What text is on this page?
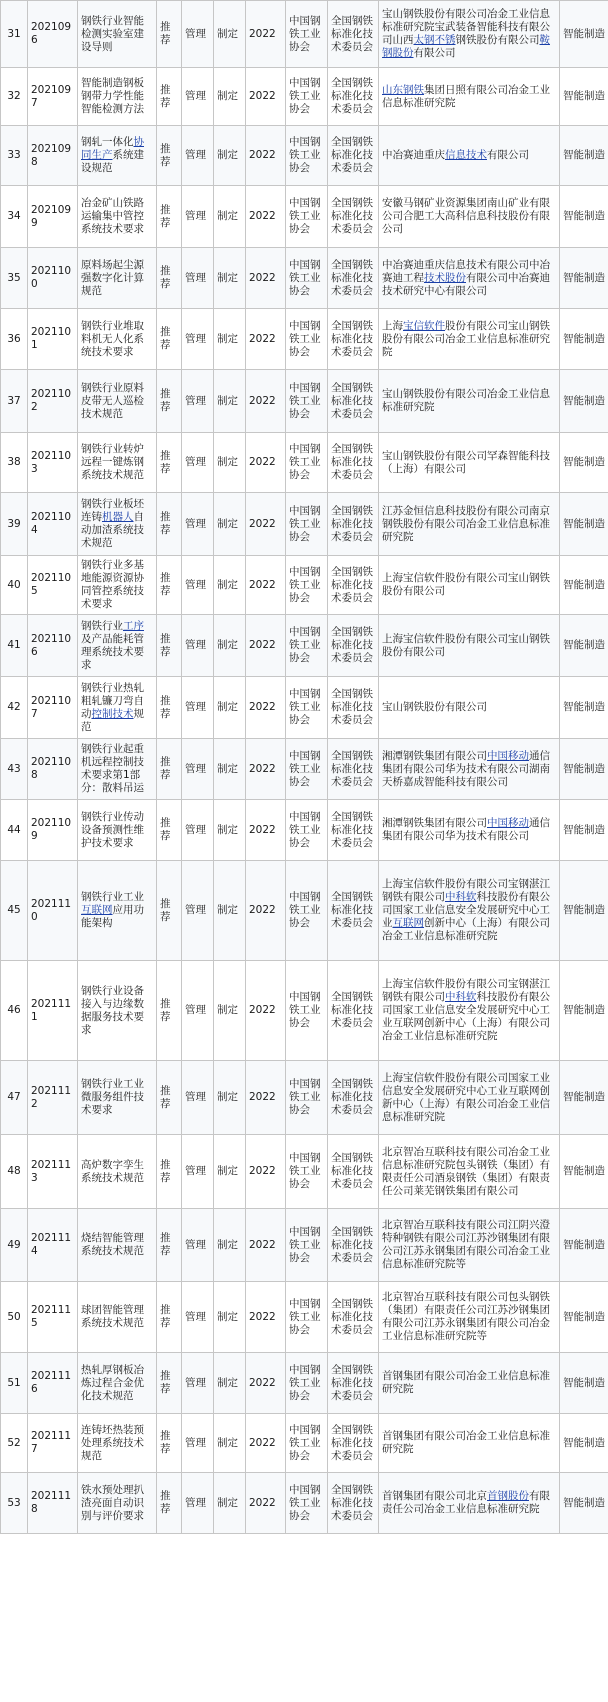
31	2021096	钢铁行业智能检测实验室建设导则	推荐	管理	制定	2022	中国钢铁工业协会	全国钢铁标准化技术委员会	宝山钢铁股份有限公司冶金工业信息标准研究院宝武装备智能科技有限公司山西太钢不锈钢铁股份有限公司鞍钢股份有限公司	智能制造
32	2021097	智能制造钢板钢带力学性能智能检测方法	推荐	管理	制定	2022	中国钢铁工业协会	全国钢铁标准化技术委员会	山东钢铁集团日照有限公司冶金工业信息标准研究院	智能制造
33	2021098	钢轧一体化协同生产系统建设规范	推荐	管理	制定	2022	中国钢铁工业协会	全国钢铁标准化技术委员会	中冶赛迪重庆信息技术有限公司	智能制造
34	2021099	冶金矿山铁路运输集中管控系统技术要求	推荐	管理	制定	2022	中国钢铁工业协会	全国钢铁标准化技术委员会	安徽马钢矿业资源集团南山矿业有限公司合肥工大高科信息科技股份有限公司	智能制造
35	2021100	原料场起尘源强数字化计算规范	推荐	管理	制定	2022	中国钢铁工业协会	全国钢铁标准化技术委员会	中冶赛迪重庆信息技术有限公司中冶赛迪工程技术股份有限公司中冶赛迪技术研究中心有限公司	智能制造
36	2021101	钢铁行业堆取料机无人化系统技术要求	推荐	管理	制定	2022	中国钢铁工业协会	全国钢铁标准化技术委员会	上海宝信软件股份有限公司宝山钢铁股份有限公司冶金工业信息标准研究院	智能制造
37	2021102	钢铁行业原料皮带无人巡检技术规范	推荐	管理	制定	2022	中国钢铁工业协会	全国钢铁标准化技术委员会	宝山钢铁股份有限公司冶金工业信息标准研究院	智能制造
38	2021103	钢铁行业转炉远程一键炼钢系统技术规范	推荐	管理	制定	2022	中国钢铁工业协会	全国钢铁标准化技术委员会	宝山钢铁股份有限公司罕森智能科技（上海）有限公司	智能制造
39	2021104	钢铁行业板坯连铸机器人自动加渣系统技术规范	推荐	管理	制定	2022	中国钢铁工业协会	全国钢铁标准化技术委员会	江苏金恒信息科技股份有限公司南京钢铁股份有限公司冶金工业信息标准研究院	智能制造
40	2021105	钢铁行业多基地能源资源协同管控系统技术要求	推荐	管理	制定	2022	中国钢铁工业协会	全国钢铁标准化技术委员会	上海宝信软件股份有限公司宝山钢铁股份有限公司	智能制造
41	2021106	钢铁行业工序及产品能耗管理系统技术要求	推荐	管理	制定	2022	中国钢铁工业协会	全国钢铁标准化技术委员会	上海宝信软件股份有限公司宝山钢铁股份有限公司	智能制造
42	2021107	钢铁行业热轧粗轧镰刀弯自动控制技术规范	推荐	管理	制定	2022	中国钢铁工业协会	全国钢铁标准化技术委员会	宝山钢铁股份有限公司	智能制造
43	2021108	钢铁行业起重机远程控制技术要求第1部分：散料吊运	推荐	管理	制定	2022	中国钢铁工业协会	全国钢铁标准化技术委员会	湘潭钢铁集团有限公司中国移动通信集团有限公司华为技术有限公司湖南天桥嘉成智能科技有限公司	智能制造
44	2021109	钢铁行业传动设备预测性维护技术要求	推荐	管理	制定	2022	中国钢铁工业协会	全国钢铁标准化技术委员会	湘潭钢铁集团有限公司中国移动通信集团有限公司华为技术有限公司	智能制造
45	2021110	钢铁行业工业互联网应用功能架构	推荐	管理	制定	2022	中国钢铁工业协会	全国钢铁标准化技术委员会	上海宝信软件股份有限公司宝钢湛江钢铁有限公司中科软科技股份有限公司国家工业信息安全发展研究中心工业互联网创新中心（上海）有限公司冶金工业信息标准研究院	智能制造
46	2021111	钢铁行业设备接入与边缘数据服务技术要求	推荐	管理	制定	2022	中国钢铁工业协会	全国钢铁标准化技术委员会	上海宝信软件股份有限公司宝钢湛江钢铁有限公司中科软科技股份有限公司国家工业信息安全发展研究中心工业互联网创新中心（上海）有限公司冶金工业信息标准研究院	智能制造
47	2021112	钢铁行业工业微服务组件技术要求	推荐	管理	制定	2022	中国钢铁工业协会	全国钢铁标准化技术委员会	上海宝信软件股份有限公司国家工业信息安全发展研究中心工业互联网创新中心（上海）有限公司冶金工业信息标准研究院	智能制造
48	2021113	高炉数字孪生系统技术规范	推荐	管理	制定	2022	中国钢铁工业协会	全国钢铁标准化技术委员会	北京智冶互联科技有限公司冶金工业信息标准研究院包头钢铁（集团）有限责任公司酒泉钢铁（集团）有限责任公司莱芜钢铁集团有限公司	智能制造
49	2021114	烧结智能管理系统技术规范	推荐	管理	制定	2022	中国钢铁工业协会	全国钢铁标准化技术委员会	北京智冶互联科技有限公司江阴兴澄特种钢铁有限公司江苏沙钢集团有限公司江苏永钢集团有限公司冶金工业信息标准研究院等	智能制造
50	2021115	球团智能管理系统技术规范	推荐	管理	制定	2022	中国钢铁工业协会	全国钢铁标准化技术委员会	北京智冶互联科技有限公司包头钢铁（集团）有限责任公司江苏沙钢集团有限公司江苏永钢集团有限公司冶金工业信息标准研究院等	智能制造
51	2021116	热轧厚钢板冶炼过程合金优化技术规范	推荐	管理	制定	2022	中国钢铁工业协会	全国钢铁标准化技术委员会	首钢集团有限公司冶金工业信息标准研究院	智能制造
52	2021117	连铸坯热装预处理系统技术规范	推荐	管理	制定	2022	中国钢铁工业协会	全国钢铁标准化技术委员会	首钢集团有限公司冶金工业信息标准研究院	智能制造
53	2021118	铁水预处理扒渣亮面自动识别与评价要求	推荐	管理	制定	2022	中国钢铁工业协会	全国钢铁标准化技术委员会	首钢集团有限公司北京首钢股份有限责任公司冶金工业信息标准研究院	智能制造
